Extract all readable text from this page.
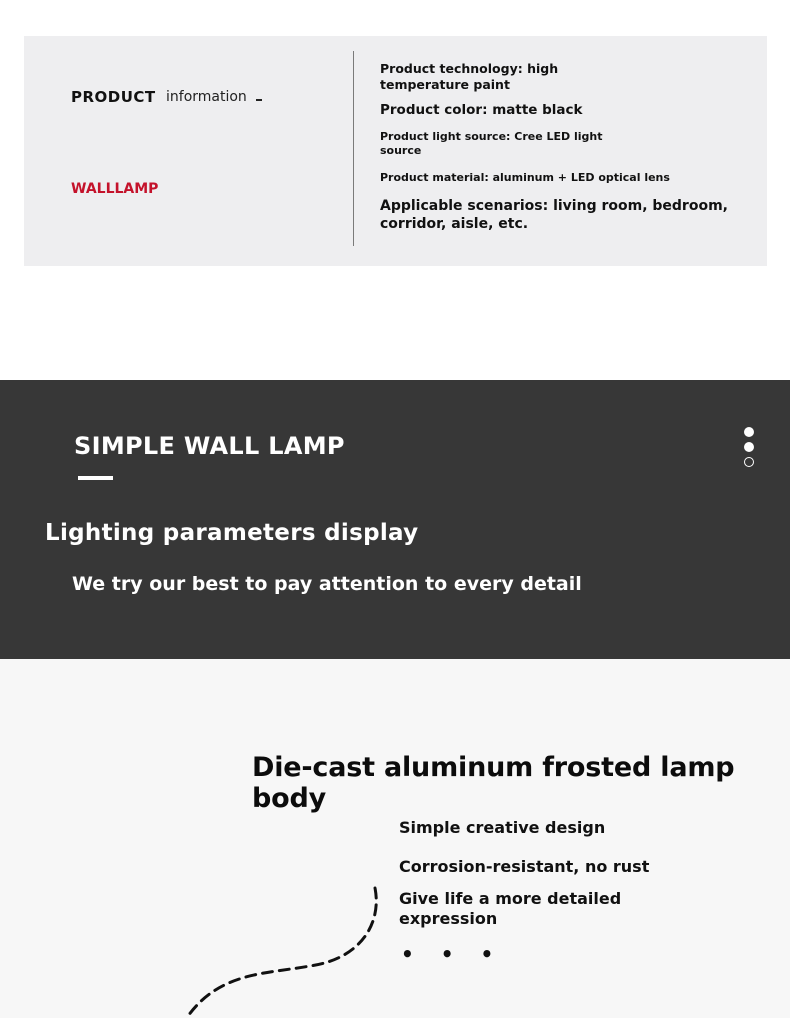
PRODUCT information
WALLLAMP
Product technology: high temperature paint
Product color: matte black
Product light source: Cree LED light source
Product material: aluminum + LED optical lens
Applicable scenarios: living room, bedroom, corridor, aisle, etc.
SIMPLE WALL LAMP
Lighting parameters display
We try our best to pay attention to every detail
Die-cast aluminum frosted lamp body
Simple creative design
Corrosion-resistant, no rust
Give life a more detailed expression
• • •
